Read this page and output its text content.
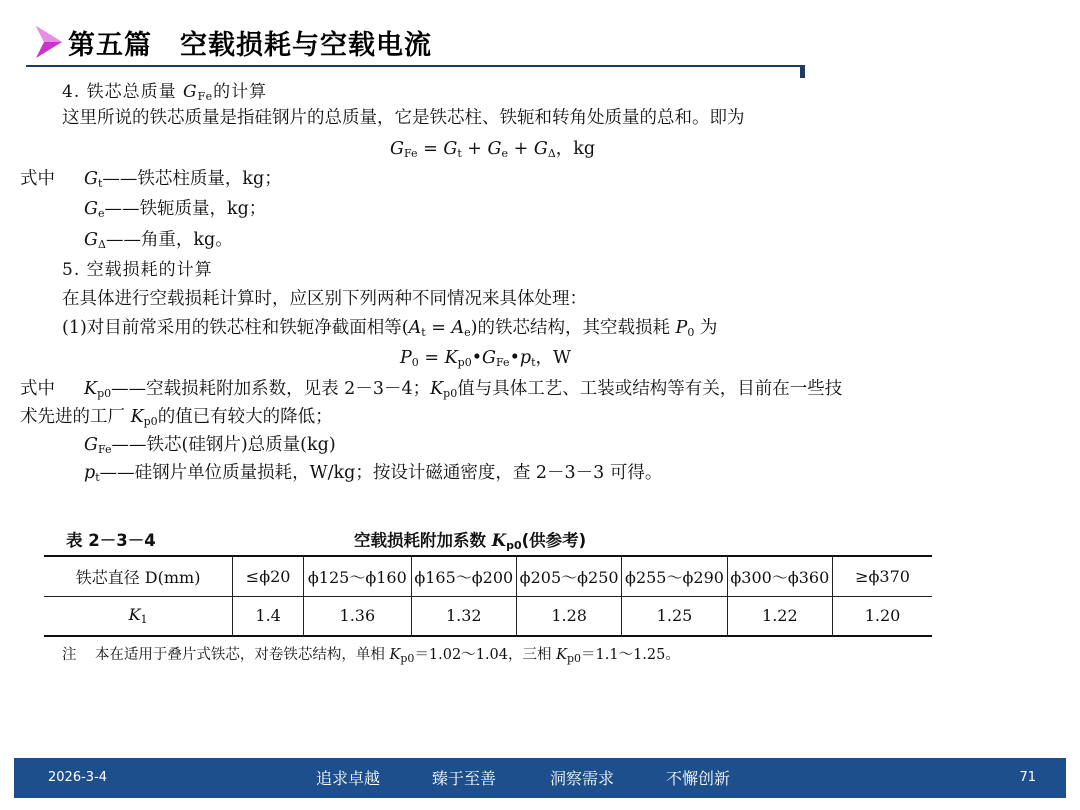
第五篇　空载损耗与空载电流
4. 铁芯总质量 $G_{Fe}$的计算
这里所说的铁芯质量是指硅钢片的总质量，它是铁芯柱、铁轭和转角处质量的总和。即为
$G_{Fe} = G_t + G_e + G_\Delta$，kg
式中 $G_t——$铁芯柱质量，kg；
$G_e——$铁轭质量，kg；
$G_\Delta——$角重，kg。
5. 空载损耗的计算
在具体进行空载损耗计算时，应区别下列两种不同情况来具体处理：
(1)对目前常采用的铁芯柱和铁轭净截面相等$(A_t = A_e)$的铁芯结构，其空载损耗 $P_0$ 为
$P_0$ = $K_{p0}•G_{Fe}•p_t$，W
式中 $K_{p0}——$空载损耗附加系数，见表 2－3－4；$K_{p0}$值与具体工艺、工装或结构等有关，目前在一些技
术先进的工厂 $K_{p0}$的值已有较大的降低；
$G_{Fe}——$铁芯(硅钢片)总质量(kg)
$p_t——$硅钢片单位质量损耗，W/kg；按设计磁通密度，查 2－3－3 可得。
表 2－3－4	空载损耗附加系数 $K_{p0}$(供参考)
铁芯直径 D(mm)	≤ϕ20	ϕ125～ϕ160	ϕ165～ϕ200	ϕ205～ϕ250	ϕ255～ϕ290	ϕ300～ϕ360	≥ϕ370
$K_1$	1.4	1.36	1.32	1.28	1.25	1.22	1.20
注 本在适用于叠片式铁芯，对卷铁芯结构，单相 $K_{p0}=1.02\sim 1.04$，三相 $K_{p0}=1.1\sim 1.25$。
2026-3-4	追求卓越	臻于至善	洞察需求	不懈创新	71
